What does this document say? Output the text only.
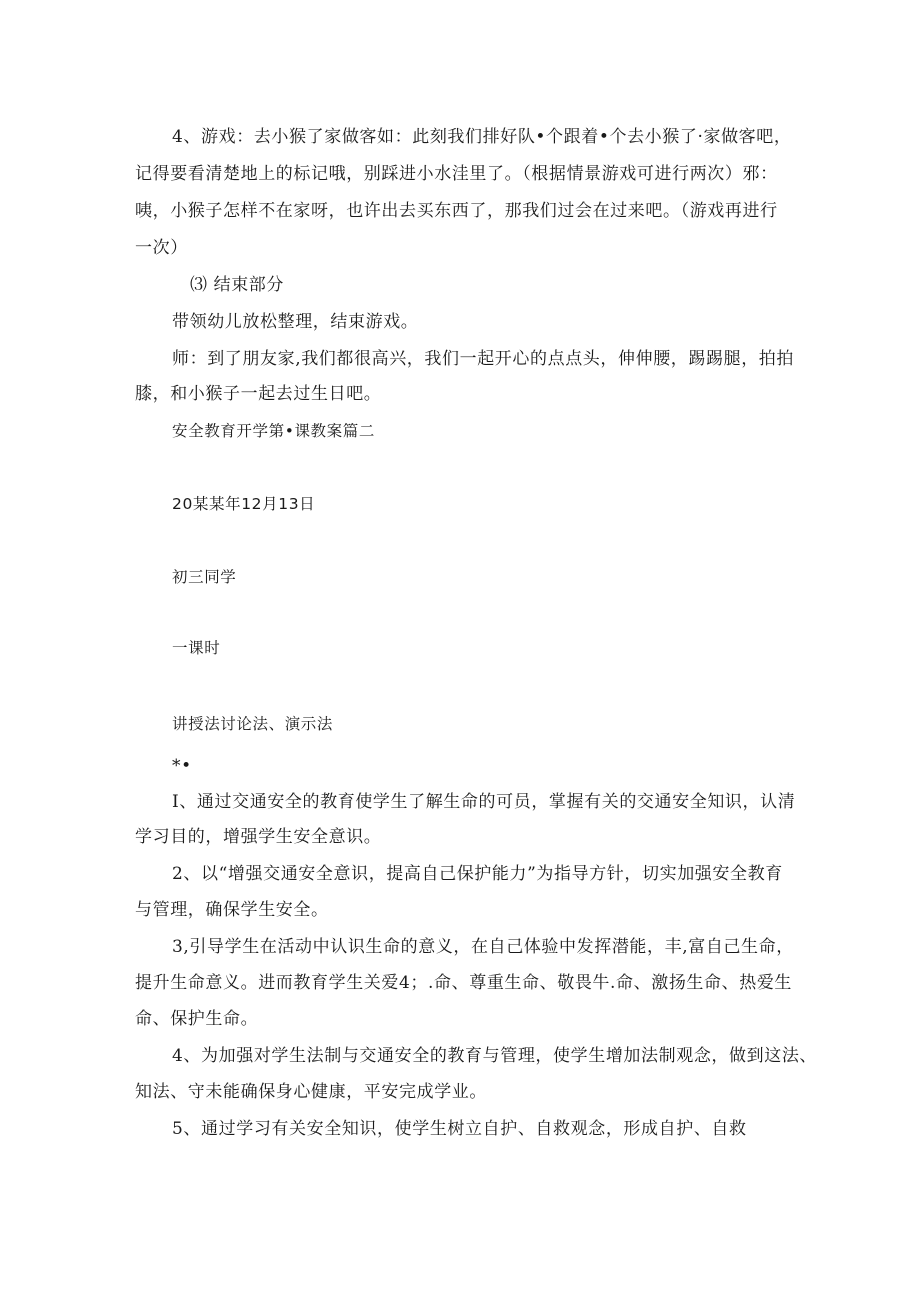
4、游戏：去小猴了家做客如：此刻我们排好队•个跟着•个去小猴了·家做客吧，
记得要看清楚地上的标记哦，别踩进小水洼里了。（根据情景游戏可进行两次）邪：
咦，小猴子怎样不在家呀，也许出去买东西了，那我们过会在过来吧。（游戏再进行
一次）
⑶ 结束部分
带领幼儿放松整理，结束游戏。
师：到了朋友家,我们都很高兴，我们一起开心的点点头，伸伸腰，踢踢腿，拍拍
膝，和小猴子一起去过生日吧。
安全教育开学第•课教案篇二
20某某年12月13日
初三同学
一课时
讲授法讨论法、演示法
*•
I、通过交通安全的教育使学生了解生命的可员，掌握有关的交通安全知识，认清
学习目的，增强学生安全意识。
2、以“增强交通安全意识，提高自己保护能力”为指导方针，切实加强安全教育
与管理，确保学生安全。
3,引导学生在活动中认识生命的意义，在自己体验中发挥潜能，丰,富自己生命，
提升生命意义。进而教育学生关爱4；.命、尊重生命、敬畏牛.命、激扬生命、热爱生
命、保护生命。
4、为加强对学生法制与交通安全的教育与管理，使学生增加法制观念，做到这法、
知法、守未能确保身心健康，平安完成学业。
5、通过学习有关安全知识，使学生树立自护、自救观念，形成自护、自救
